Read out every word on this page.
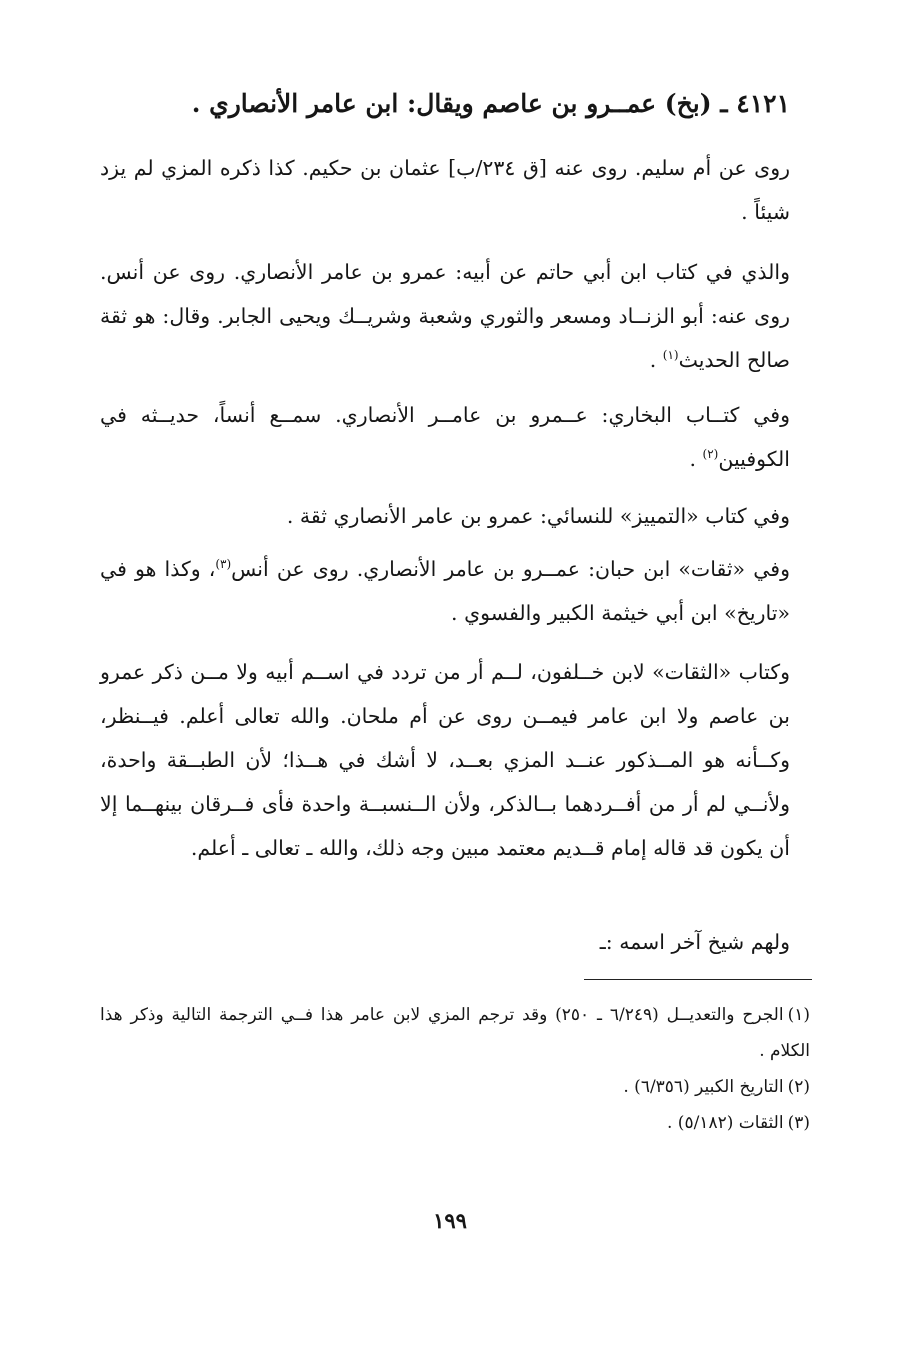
٤١٢١ ـ (بخ) عمــرو بن عاصم ويقال: ابن عامر الأنصاري .
روى عن أم سليم. روى عنه [ق ٢٣٤/ب] عثمان بن حكيم. كذا ذكره المزي لم يزد شيئاً .
والذي في كتاب ابن أبي حاتم عن أبيه: عمرو بن عامر الأنصاري. روى عن أنس. روى عنه: أبو الزنــاد ومسعر والثوري وشعبة وشريــك ويحيى الجابر. وقال: هو ثقة صالح الحديث$^{(١)}$ .
وفي كتــاب البخاري: عــمرو بن عامــر الأنصاري. سمــع أنساً، حديــثه في الكوفيين$^{(٢)}$ .
وفي كتاب «التمييز» للنسائي: عمرو بن عامر الأنصاري ثقة .
وفي «ثقات» ابن حبان: عمــرو بن عامر الأنصاري. روى عن أنس$^{(٣)}$، وكذا هو في «تاريخ» ابن أبي خيثمة الكبير والفسوي .
وكتاب «الثقات» لابن خــلفون، لــم أر من تردد في اســم أبيه ولا مــن ذكر عمرو بن عاصم ولا ابن عامر فيمــن روى عن أم ملحان. والله تعالى أعلم. فيــنظر، وكــأنه هو المــذكور عنــد المزي بعــد، لا أشك في هــذا؛ لأن الطبــقة واحدة، ولأنــي لم أر من أفــردهما بــالذكر، ولأن الــنسبــة واحدة فأى فــرقان بينهــما إلا أن يكون قد قاله إمام قــديم معتمد مبين وجه ذلك، والله ـ تعالى ـ أعلم.
ولهم شيخ آخر اسمه :ـ

(١)الجرح والتعديــل (٦/٢٤٩ ـ ٢٥٠) وقد ترجم المزي لابن عامر هذا فــي الترجمة التالية وذكر هذا الكلام .

(٢)التاريخ الكبير (٦/٣٥٦) .

(٣)الثقات (٥/١٨٢) .

١٩٩
